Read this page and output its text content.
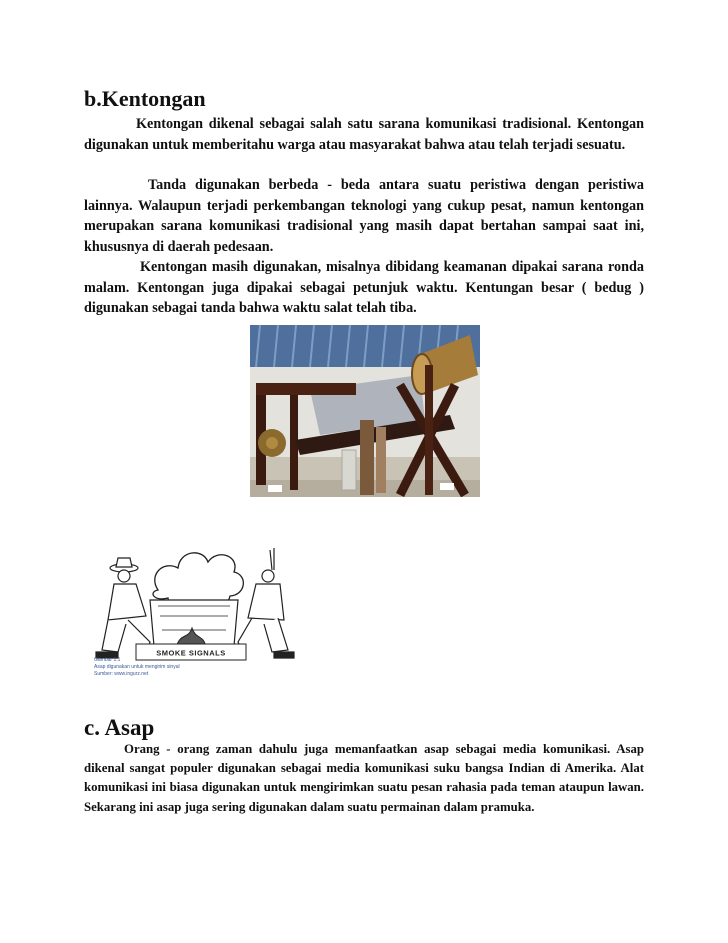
b.Kentongan

Kentongan dikenal sebagai salah satu sarana komunikasi tradisional. Kentongan digunakan untuk memberitahu warga atau masyarakat bahwa atau telah terjadi sesuatu.

Tanda digunakan berbeda - beda antara suatu peristiwa dengan peristiwa lainnya. Walaupun terjadi perkembangan teknologi yang cukup pesat, namun kentongan merupakan sarana komunikasi tradisional yang masih dapat bertahan sampai saat ini, khususnya di daerah pedesaan.

Kentongan masih digunakan, misalnya dibidang keamanan dipakai sarana ronda malam. Kentongan juga dipakai sebagai petunjuk waktu. Kentungan besar ( bedug ) digunakan sebagai tanda bahwa waktu salat telah tiba.

SMOKE SIGNALS
Gambar 1.1
Asap digunakan untuk mengirim sinyal
Sumber: www.ingurz.net
c. Asap

Orang - orang zaman dahulu juga memanfaatkan asap sebagai media komunikasi. Asap dikenal sangat populer digunakan sebagai media komunikasi suku bangsa Indian di Amerika. Alat komunikasi ini biasa digunakan untuk mengirimkan suatu pesan rahasia pada teman ataupun lawan. Sekarang ini asap juga sering digunakan dalam suatu permainan dalam pramuka.
